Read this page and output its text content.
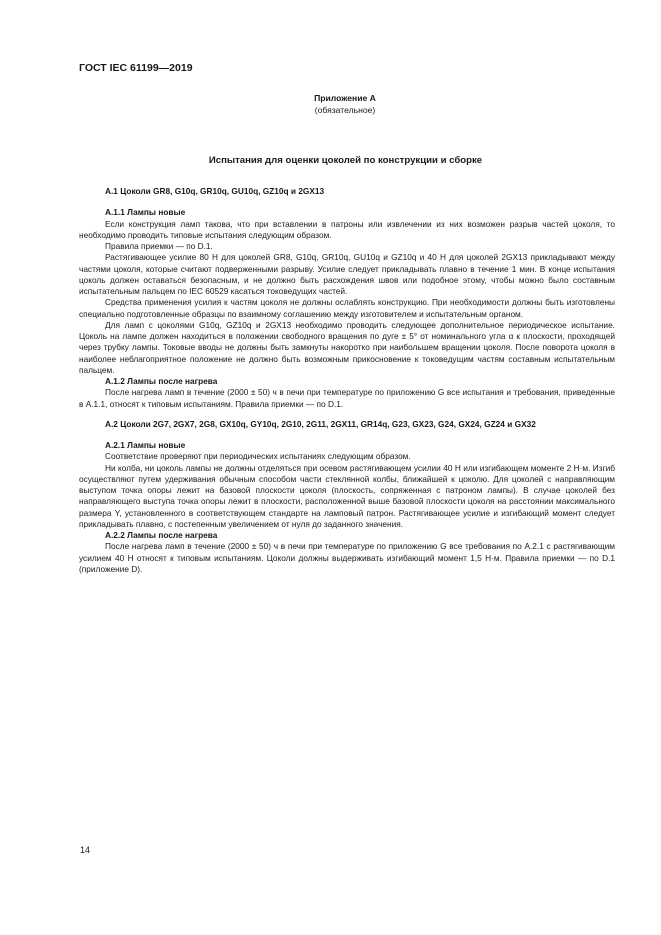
ГОСТ IEC 61199—2019
Приложение А
(обязательное)
Испытания для оценки цоколей по конструкции и сборке

А.1 Цоколи GR8, G10q, GR10q, GU10q, GZ10q и 2GX13

А.1.1 Лампы новые

Если конструкция ламп такова, что при вставлении в патроны или извлечении из них возможен разрыв частей цоколя, то необходимо проводить типовые испытания следующим образом.

Правила приемки — по D.1.

Растягивающее усилие 80 Н для цоколей GR8, G10q, GR10q, GU10q и GZ10q и 40 Н для цоколей 2GX13 прикладывают между частями цоколя, которые считают подверженными разрыву. Усилие следует прикладывать плавно в течение 1 мин. В конце испытания цоколь должен оставаться безопасным, и не должно быть расхождения швов или подобное этому, чтобы можно было составным испытательным пальцем по IEC 60529 касаться токоведущих частей.

Средства применения усилия к частям цоколя не должны ослаблять конструкцию. При необходимости должны быть изготовлены специально подготовленные образцы по взаимному соглашению между изготовителем и испытательным органом.

Для ламп с цоколями G10q, GZ10q и 2GX13 необходимо проводить следующее дополнительное периодическое испытание. Цоколь на лампе должен находиться в положении свободного вращения по дуге ± 5° от номинального угла α к плоскости, проходящей через трубку лампы. Токовые вводы не должны быть замкнуты накоротко при наибольшем вращении цоколя. После поворота цоколя в наиболее неблагоприятное положение не должно быть возможным прикосновение к токоведущим частям составным испытательным пальцем.

А.1.2 Лампы после нагрева

После нагрева ламп в течение (2000 ± 50) ч в печи при температуре по приложению G все испытания и требования, приведенные в А.1.1, относят к типовым испытаниям. Правила приемки — по D.1.

А.2 Цоколи 2G7, 2GX7, 2G8, GX10q, GY10q, 2G10, 2G11, 2GX11, GR14q, G23, GX23, G24, GX24, GZ24 и GX32

А.2.1 Лампы новые

Соответствие проверяют при периодических испытаниях следующим образом.

Ни колба, ни цоколь лампы не должны отделяться при осевом растягивающем усилии 40 Н или изгибающем моменте 2 Н·м. Изгиб осуществляют путем удерживания обычным способом части стеклянной колбы, ближайшей к цоколю. Для цоколей с направляющим выступом точка опоры лежит на базовой плоскости цоколя (плоскость, сопряженная с патроном лампы). В случае цоколей без направляющего выступа точка опоры лежит в плоскости, расположенной выше базовой плоскости цоколя на расстоянии максимального размера Y, установленного в соответствующем стандарте на ламповый патрон. Растягивающее усилие и изгибающий момент следует прикладывать плавно, с постепенным увеличением от нуля до заданного значения.

А.2.2 Лампы после нагрева

После нагрева ламп в течение (2000 ± 50) ч в печи при температуре по приложению G все требования по А.2.1 с растягивающим усилием 40 Н относят к типовым испытаниям. Цоколи должны выдерживать изгибающий момент 1,5 Н·м. Правила приемки — по D.1 (приложение D).

14
